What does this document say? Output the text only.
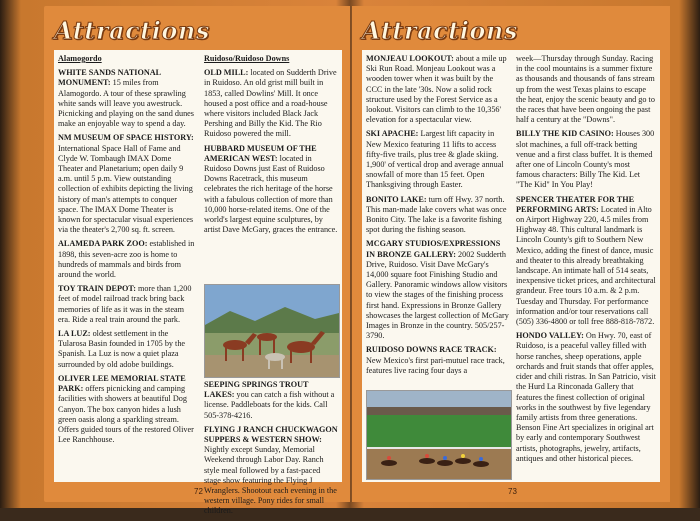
Attractions

Alamogordo

WHITE SANDS NATIONAL MONUMENT: 15 miles from Alamogordo. A tour of these sprawling white sands will leave you awestruck. Picnicking and playing on the sand dunes make an enjoyable way to spend a day.

NM MUSEUM OF SPACE HISTORY: International Space Hall of Fame and Clyde W. Tombaugh IMAX Dome Theater and Planetarium; open daily 9 a.m. until 5 p.m. View outstanding collection of exhibits depicting the living history of man's attempts to conquer space. The IMAX Dome Theater is known for spectacular visual experiences via the theater's 2,700 sq. ft. screen.

ALAMEDA PARK ZOO: established in 1898, this seven-acre zoo is home to hundreds of mammals and birds from around the world.

TOY TRAIN DEPOT: more than 1,200 feet of model railroad track bring back memories of life as it was in the steam era. Ride a real train around the park.

LA LUZ: oldest settlement in the Tularosa Basin founded in 1705 by the Spanish. La Luz is now a quiet plaza surrounded by old adobe buildings.

OLIVER LEE MEMORIAL STATE PARK: offers picnicking and camping facilities with showers at beautiful Dog Canyon. The box canyon hides a lush green oasis along a sparkling stream. Offers guided tours of the restored Oliver Lee Ranchhouse.

Ruidoso/Ruidoso Downs

OLD MILL: located on Sudderth Drive in Ruidoso. An old grist mill built in 1853, called Dowlins' Mill. It once housed a post office and a road-house where visitors included Black Jack Pershing and Billy the Kid. The Rio Ruidoso powered the mill.

HUBBARD MUSEUM OF THE AMERICAN WEST: located in Ruidoso Downs just East of Ruidoso Downs Racetrack, this museum celebrates the rich heritage of the horse with a fabulous collection of more than 10,000 horse-related items. One of the world's largest equine sculptures, by artist Dave McGary, graces the entrance.

SEEPING SPRINGS TROUT LAKES: you can catch a fish without a license. Paddleboats for the kids. Call 505-378-4216.

FLYING J RANCH CHUCKWAGON SUPPERS & WESTERN SHOW: Nightly except Sunday, Memorial Weekend through Labor Day. Ranch style meal followed by a fast-paced stage show featuring the Flying J Wranglers. Shootout each evening in the western village. Pony rides for small children.

72
Attractions

MONJEAU LOOKOUT: about a mile up Ski Run Road. Monjeau Lookout was a wooden tower when it was built by the CCC in the late '30s. Now a solid rock structure used by the Forest Service as a lookout. Visitors can climb to the 10,356' elevation for a spectacular view.

SKI APACHE: Largest lift capacity in New Mexico featuring 11 lifts to access fifty-five trails, plus tree & glade skiing. 1,900' of vertical drop and average annual snowfall of more than 15 feet. Open Thanksgiving through Easter.

BONITO LAKE: turn off Hwy. 37 north. This man-made lake covers what was once Bonito City. The lake is a favorite fishing spot during the fishing season.

MCGARY STUDIOS/EXPRESSIONS IN BRONZE GALLERY: 2002 Sudderth Drive, Ruidoso. Visit Dave McGary's 14,000 square foot Finishing Studio and Gallery. Panoramic windows allow visitors to view the stages of the finishing process first hand. Expressions in Bronze Gallery showcases the largest collection of McGary Images in Bronze in the country. 505/257-3790.

RUIDOSO DOWNS RACE TRACK: New Mexico's first pari-mutuel race track, features live racing four days a

week—Thursday through Sunday. Racing in the cool mountains is a summer fixture as thousands and thousands of fans stream up from the west Texas plains to escape the heat, enjoy the scenic beauty and go to the races that have been ongoing the past half a century at the "Downs".

BILLY THE KID CASINO: Houses 300 slot machines, a full off-track betting venue and a first class buffet. It is themed after one of Lincoln County's most famous characters: Billy The Kid. Let "The Kid" In You Play!

SPENCER THEATER FOR THE PERFORMING ARTS: Located in Alto on Airport Highway 220, 4.5 miles from Highway 48. This cultural landmark is Lincoln County's gift to Southern New Mexico, adding the finest of dance, music and theater to this already breathtaking landscape. An intimate hall of 514 seats, inexpensive ticket prices, and architectural grandeur. Free tours 10 a.m. & 2 p.m. Tuesday and Thursday. For performance information and/or tour reservations call (505) 336-4800 or toll free 888-818-7872.

HONDO VALLEY: On Hwy. 70, east of Ruidoso, is a peaceful valley filled with horse ranches, sheep operations, apple orchards and fruit stands that offer apples, cider and chili ristras. In San Patricio, visit the Hurd La Rinconada Gallery that features the finest collection of original works in the southwest by five legendary family artists from three generations. Benson Fine Art specializes in original art by early and contemporary Southwest artists, photographs, jewelry, artifacts, antiques and other historical pieces.

73
